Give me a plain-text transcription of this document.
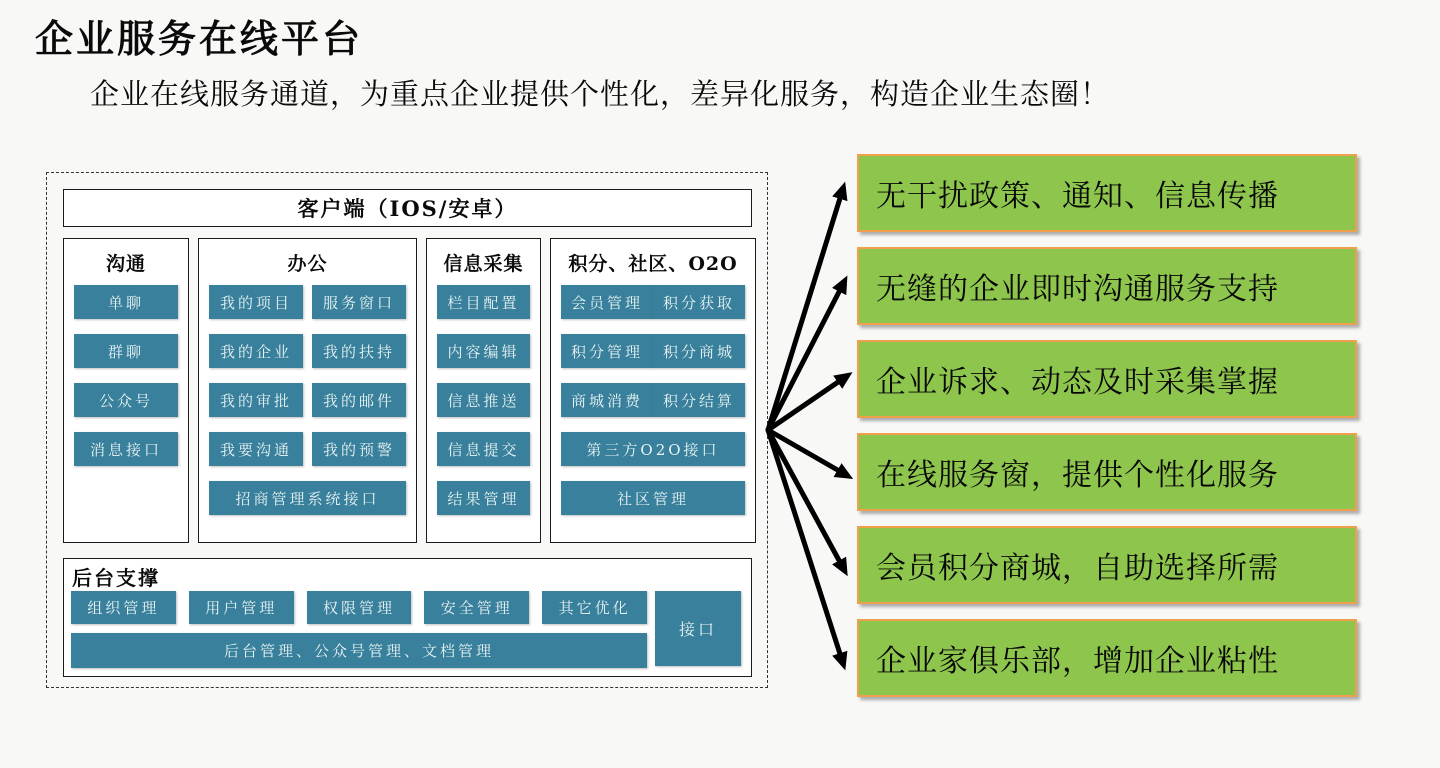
企业服务在线平台
企业在线服务通道，为重点企业提供个性化，差异化服务，构造企业生态圈！
客户端（IOS/安卓）
沟通
单聊
群聊
公众号
消息接口
办公
我的项目	服务窗口
我的企业	我的扶持
我的审批	我的邮件
我要沟通	我的预警
招商管理系统接口
信息采集
栏目配置
内容编辑
信息推送
信息提交
结果管理
积分、社区、O2O
会员管理	积分获取
积分管理	积分商城
商城消费	积分结算
第三方O2O接口
社区管理
后台支撑
组织管理	用户管理	权限管理	安全管理	其它优化
后台管理、公众号管理、文档管理
接口
无干扰政策、通知、信息传播
无缝的企业即时沟通服务支持
企业诉求、动态及时采集掌握
在线服务窗，提供个性化服务
会员积分商城，自助选择所需
企业家俱乐部，增加企业粘性
